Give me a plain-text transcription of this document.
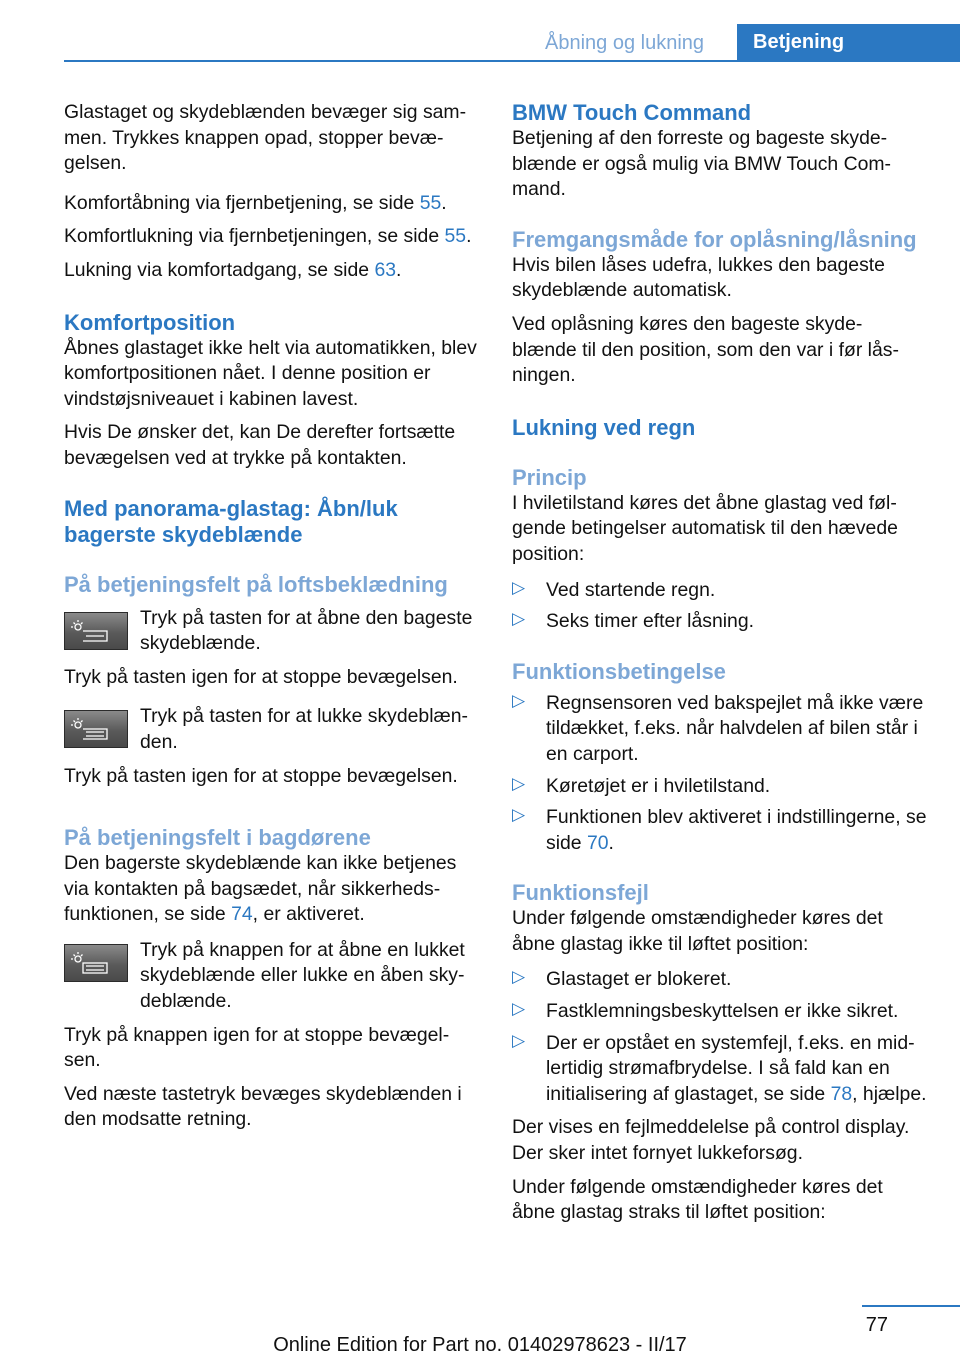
Åbning og lukning	Betjening

Glastaget og skydeblænden bevæger sig sam‐ men. Trykkes knappen opad, stopper bevæ‐ gelsen.

Komfortåbning via fjernbetjening, se side 55.

Komfortlukning via fjernbetjeningen, se side 55.

Lukning via komfortadgang, se side 63.

Komfortposition

Åbnes glastaget ikke helt via automatikken, blev komfortpositionen nået. I denne position er vindstøjsniveauet i kabinen lavest.

Hvis De ønsker det, kan De derefter fortsætte bevægelsen ved at trykke på kontakten.

Med panorama-glastag: Åbn/luk bagerste skydeblænde
På betjeningsfelt på loftsbeklædning

Tryk på tasten for at åbne den bageste skydeblænde.

Tryk på tasten igen for at stoppe bevægelsen.

Tryk på tasten for at lukke skydeblæn‐ den.

Tryk på tasten igen for at stoppe bevægelsen.

På betjeningsfelt i bagdørene

Den bagerste skydeblænde kan ikke betjenes via kontakten på bagsædet, når sikkerheds‐ funktionen, se side 74, er aktiveret.

Tryk på knappen for at åbne en lukket skydeblænde eller lukke en åben sky‐ deblænde.

Tryk på knappen igen for at stoppe bevægel‐ sen.

Ved næste tastetryk bevæges skydeblænden i den modsatte retning.

BMW Touch Command

Betjening af den forreste og bageste skyde‐ blænde er også mulig via BMW Touch Com‐ mand.

Fremgangsmåde for oplåsning/låsning

Hvis bilen låses udefra, lukkes den bageste skydeblænde automatisk.

Ved oplåsning køres den bageste skyde‐ blænde til den position, som den var i før lås‐ ningen.

Lukning ved regn
Princip

I hviletilstand køres det åbne glastag ved føl‐ gende betingelser automatisk til den hævede position:

▷ Ved startende regn.

▷ Seks timer efter låsning.

Funktionsbetingelse
▷ Regnsensoren ved bakspejlet må ikke være tildækket, f.eks. når halvdelen af bilen står i en carport.

▷ Køretøjet er i hviletilstand.

▷ Funktionen blev aktiveret i indstillingerne, se side 70.

Funktionsfejl

Under følgende omstændigheder køres det åbne glastag ikke til løftet position:

▷ Glastaget er blokeret.

▷ Fastklemningsbeskyttelsen er ikke sikret.

▷ Der er opstået en systemfejl, f.eks. en mid‐ lertidig strømafbrydelse. I så fald kan en initialisering af glastaget, se side 78, hjælpe.

Der vises en fejlmeddelelse på control display. Der sker intet fornyet lukkeforsøg.

Under følgende omstændigheder køres det åbne glastag straks til løftet position:

77
Online Edition for Part no. 01402978623 - II/17
